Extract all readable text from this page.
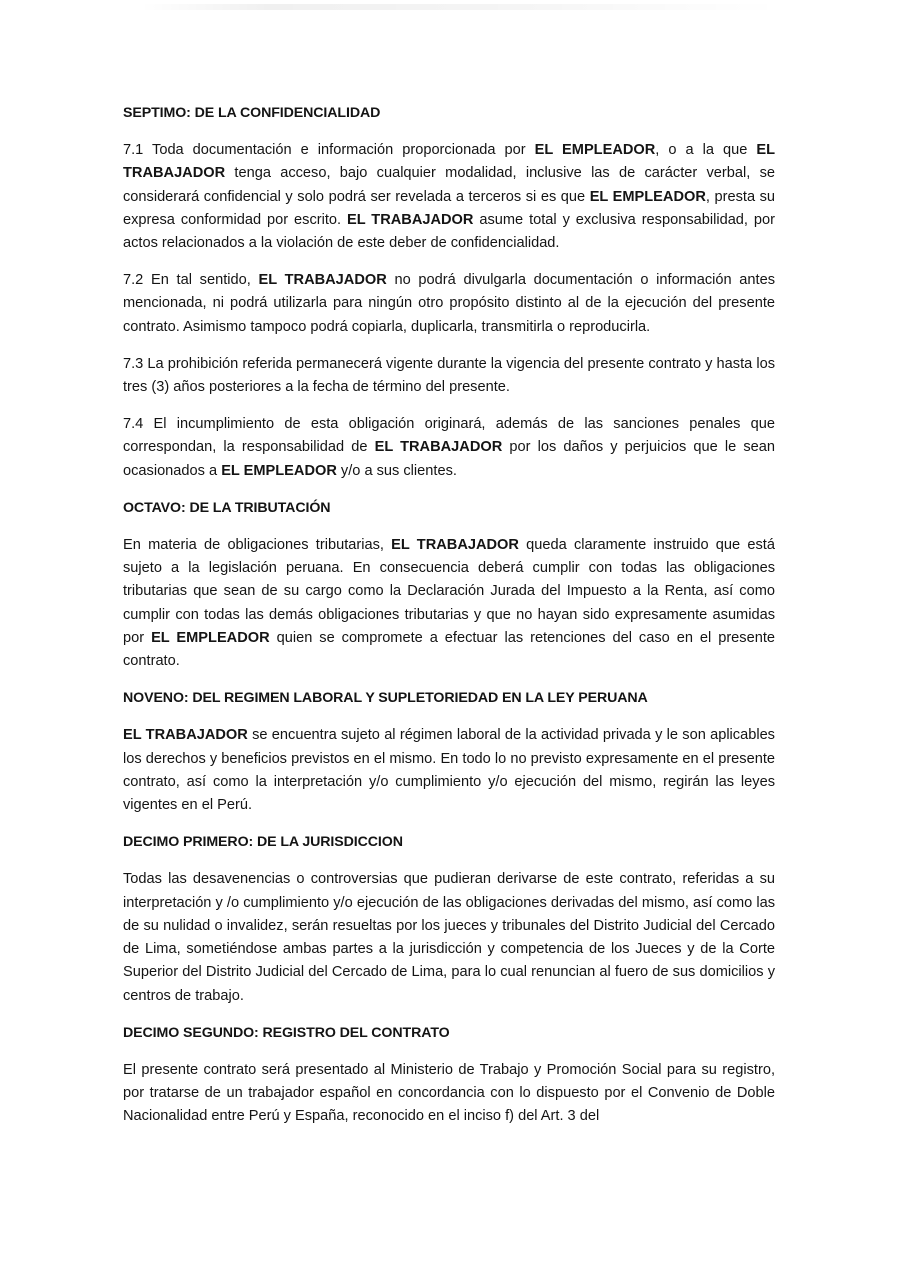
SEPTIMO: DE LA CONFIDENCIALIDAD
7.1 Toda documentación e información proporcionada por EL EMPLEADOR, o a la que EL TRABAJADOR tenga acceso, bajo cualquier modalidad, inclusive las de carácter verbal, se considerará confidencial y solo podrá ser revelada a terceros si es que EL EMPLEADOR, presta su expresa conformidad por escrito. EL TRABAJADOR asume total y exclusiva responsabilidad, por actos relacionados a la violación de este deber de confidencialidad.
7.2 En tal sentido, EL TRABAJADOR no podrá divulgarla documentación o información antes mencionada, ni podrá utilizarla para ningún otro propósito distinto al de la ejecución del presente contrato. Asimismo tampoco podrá copiarla, duplicarla, transmitirla o reproducirla.
7.3 La prohibición referida permanecerá vigente durante la vigencia del presente contrato y hasta los tres (3) años posteriores a la fecha de término del presente.
7.4 El incumplimiento de esta obligación originará, además de las sanciones penales que correspondan, la responsabilidad de EL TRABAJADOR por los daños y perjuicios que le sean ocasionados a EL EMPLEADOR y/o a sus clientes.
OCTAVO: DE LA TRIBUTACIÓN
En materia de obligaciones tributarias, EL TRABAJADOR queda claramente instruido que está sujeto a la legislación peruana. En consecuencia deberá cumplir con todas las obligaciones tributarias que sean de su cargo como la Declaración Jurada del Impuesto a la Renta, así como cumplir con todas las demás obligaciones tributarias y que no hayan sido expresamente asumidas por EL EMPLEADOR quien se compromete a efectuar las retenciones del caso en el presente contrato.
NOVENO: DEL REGIMEN LABORAL Y SUPLETORIEDAD EN LA LEY PERUANA
EL TRABAJADOR se encuentra sujeto al régimen laboral de la actividad privada y le son aplicables los derechos y beneficios previstos en el mismo. En todo lo no previsto expresamente en el presente contrato, así como la interpretación y/o cumplimiento y/o ejecución del mismo, regirán las leyes vigentes en el Perú.
DECIMO PRIMERO: DE LA JURISDICCION
Todas las desavenencias o controversias que pudieran derivarse de este contrato, referidas a su interpretación y /o cumplimiento y/o ejecución de las obligaciones derivadas del mismo, así como las de su nulidad o invalidez, serán resueltas por los jueces y tribunales del Distrito Judicial del Cercado de Lima, sometiéndose ambas partes a la jurisdicción y competencia de los Jueces y de la Corte Superior del Distrito Judicial del Cercado de Lima, para lo cual renuncian al fuero de sus domicilios y centros de trabajo.
DECIMO SEGUNDO: REGISTRO DEL CONTRATO
El presente contrato será presentado al Ministerio de Trabajo y Promoción Social para su registro, por tratarse de un trabajador español en concordancia con lo dispuesto por el Convenio de Doble Nacionalidad entre Perú y España, reconocido en el inciso f) del Art. 3 del
